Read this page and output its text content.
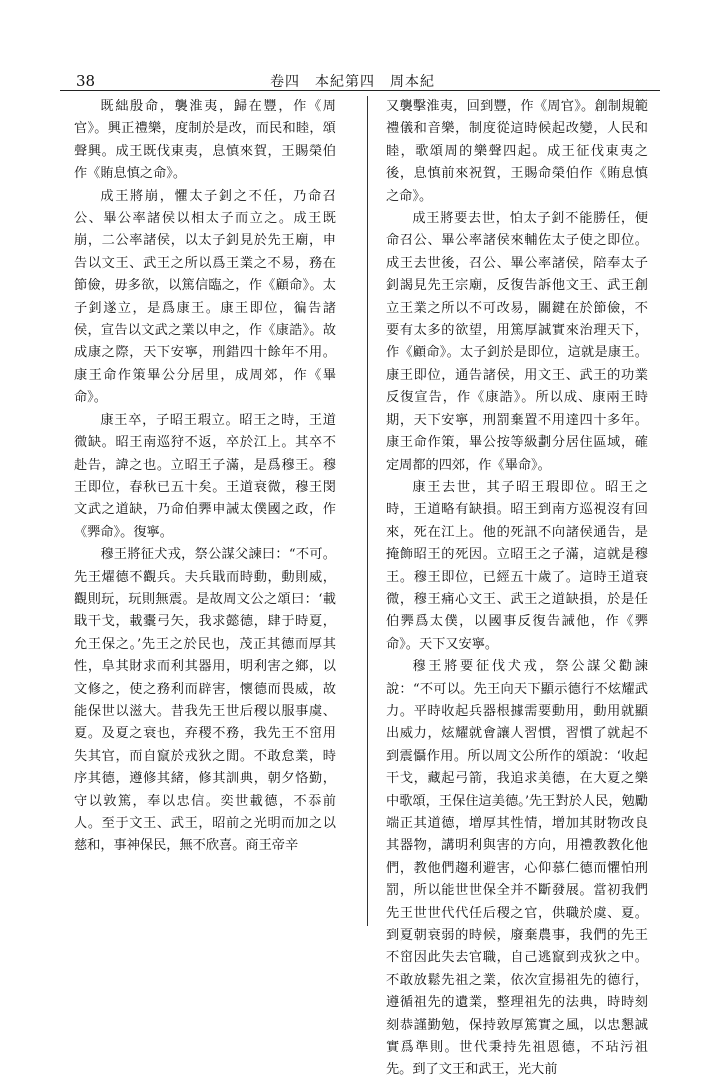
38	卷四　本紀第四　周本紀

既絀殷命，襲淮夷，歸在豐，作《周官》。興正禮樂，度制於是改，而民和睦，頌聲興。成王既伐東夷，息慎來賀，王賜榮伯作《賄息慎之命》。

成王將崩，懼太子釗之不任，乃命召公、畢公率諸侯以相太子而立之。成王既崩，二公率諸侯，以太子釗見於先王廟，申告以文王、武王之所以爲王業之不易，務在節儉，毋多欲，以篤信臨之，作《顧命》。太子釗遂立，是爲康王。康王即位，徧告諸侯，宣告以文武之業以申之，作《康誥》。故成康之際，天下安寧，刑錯四十餘年不用。康王命作策畢公分居里，成周郊，作《畢命》。

康王卒，子昭王瑕立。昭王之時，王道微缺。昭王南巡狩不返，卒於江上。其卒不赴告，諱之也。立昭王子滿，是爲穆王。穆王即位，春秋已五十矣。王道衰微，穆王閔文武之道缺，乃命伯臩申誡太僕國之政，作《臩命》。復寧。

穆王將征犬戎，祭公謀父諫曰：“不可。先王燿德不觀兵。夫兵戢而時動，動則威，觀則玩，玩則無震。是故周文公之頌曰：‘載戢干戈，載櫜弓矢，我求懿德，肆于時夏，允王保之。’先王之於民也，茂正其德而厚其性，阜其財求而利其器用，明利害之鄉，以文修之，使之務利而辟害，懷德而畏威，故能保世以滋大。昔我先王世后稷以服事虞、夏。及夏之衰也，弃稷不務，我先王不窋用失其官，而自竄於戎狄之閒。不敢怠業，時序其德，遵修其緒，修其訓典，朝夕恪勤，守以敦篤，奉以忠信。奕世載德，不忝前人。至于文王、武王，昭前之光明而加之以慈和，事神保民，無不欣喜。商王帝辛

又襲擊淮夷，回到豐，作《周官》。創制規範禮儀和音樂，制度從這時候起改變，人民和睦，歌頌周的樂聲四起。成王征伐東夷之後，息慎前來祝賀，王賜命榮伯作《賄息慎之命》。

成王將要去世，怕太子釗不能勝任，便命召公、畢公率諸侯來輔佐太子使之即位。成王去世後，召公、畢公率諸侯，陪奉太子釗謁見先王宗廟，反復告訴他文王、武王創立王業之所以不可改易，關鍵在於節儉，不要有太多的欲望，用篤厚誠實來治理天下，作《顧命》。太子釗於是即位，這就是康王。康王即位，通告諸侯，用文王、武王的功業反復宣告，作《康誥》。所以成、康兩王時期，天下安寧，刑罰棄置不用達四十多年。康王命作策，畢公按等級劃分居住區域，確定周都的四郊，作《畢命》。

康王去世，其子昭王瑕即位。昭王之時，王道略有缺損。昭王到南方巡視沒有回來，死在江上。他的死訊不向諸侯通告，是掩飾昭王的死因。立昭王之子滿，這就是穆王。穆王即位，已經五十歲了。這時王道衰微，穆王痛心文王、武王之道缺損，於是任伯臩爲太僕，以國事反復告誡他，作《臩命》。天下又安寧。

穆王將要征伐犬戎，祭公謀父勸諫說：“不可以。先王向天下顯示德行不炫耀武力。平時收起兵器根據需要動用，動用就顯出威力，炫耀就會讓人習慣，習慣了就起不到震懾作用。所以周文公所作的頌說：‘收起干戈，藏起弓箭，我追求美德，在大夏之樂中歌頌，王保住這美德。’先王對於人民，勉勵端正其道德，增厚其性情，增加其財物改良其器物，講明利與害的方向，用禮教教化他們，教他們趨利避害，心仰慕仁德而懼怕刑罰，所以能世世保全并不斷發展。當初我們先王世世代代任后稷之官，供職於虞、夏。到夏朝衰弱的時候，廢棄農事，我們的先王不窋因此失去官職，自己逃竄到戎狄之中。不敢放鬆先祖之業，依次宣揚祖先的德行，遵循祖先的遺業，整理祖先的法典，時時刻刻恭謹勤勉，保持敦厚篤實之風，以忠懇誠實爲準則。世代秉持先祖恩德，不玷污祖先。到了文王和武王，光大前
